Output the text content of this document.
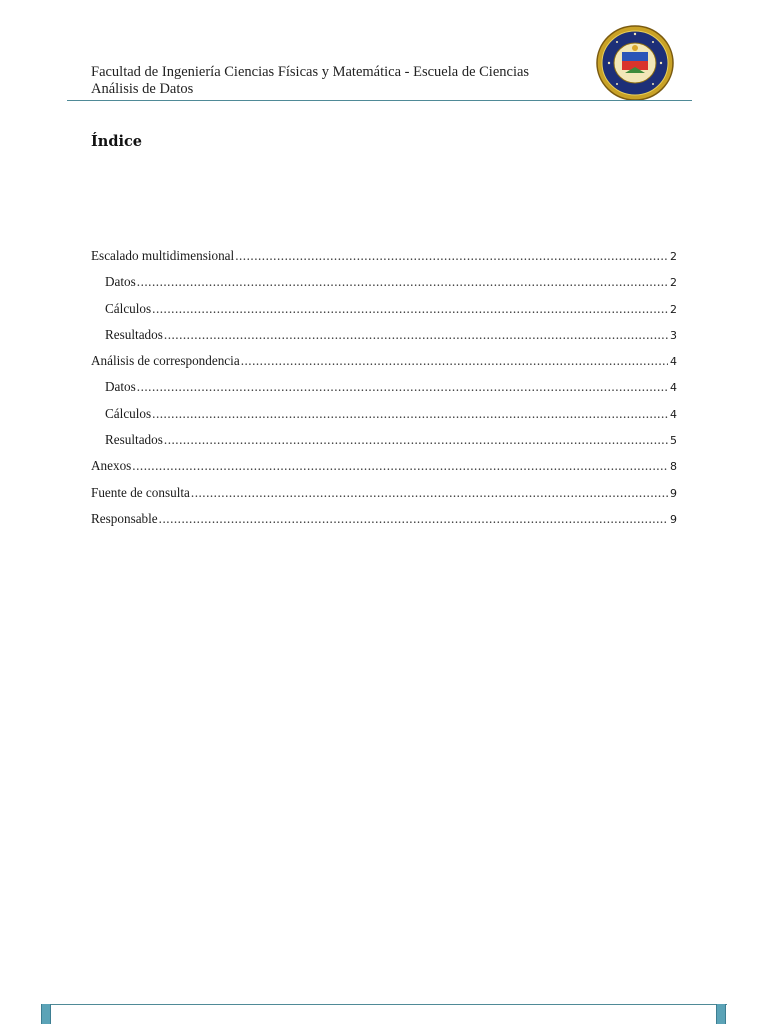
Facultad de Ingeniería Ciencias Físicas y Matemática - Escuela de Ciencias
Análisis de Datos
Índice
Escalado multidimensional .....	2
Datos .....	2
Cálculos .....	2
Resultados .....	3
Análisis de correspondencia .....	4
Datos .....	4
Cálculos .....	4
Resultados .....	5
Anexos .....	8
Fuente de consulta .....	9
Responsable .....	9
